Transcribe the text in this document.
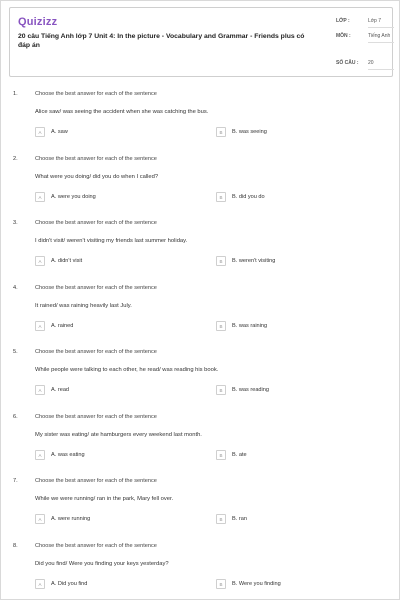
Quizizz
20 câu Tiếng Anh lớp 7 Unit 4: In the picture - Vocabulary and Grammar - Friends plus có đáp án
LỚP :	Lớp 7
MÔN :	Tiếng Anh
SỐ CÂU :	20
1.	Choose the best answer for each of the sentence
Alice saw/ was seeing the accident when she was catching the bus.
A	A. saw	B	B. was seeing
2.	Choose the best answer for each of the sentence
What were you doing/ did you do when I called?
A	A. were you doing	B	B. did you do
3.	Choose the best answer for each of the sentence
I didn't visit/ weren't visiting my friends last summer holiday.
A	A. didn't visit	B	B. weren't visiting
4.	Choose the best answer for each of the sentence
It rained/ was raining heavily last July.
A	A. rained	B	B. was raining
5.	Choose the best answer for each of the sentence
While people were talking to each other, he read/ was reading his book.
A	A. read	B	B. was reading
6.	Choose the best answer for each of the sentence
My sister was eating/ ate hamburgers every weekend last month.
A	A. was eating	B	B. ate
7.	Choose the best answer for each of the sentence
While we were running/ ran in the park, Mary fell over.
A	A. were running	B	B. ran
8.	Choose the best answer for each of the sentence
Did you find/ Were you finding your keys yesterday?
A	A. Did you find	B	B. Were you finding
